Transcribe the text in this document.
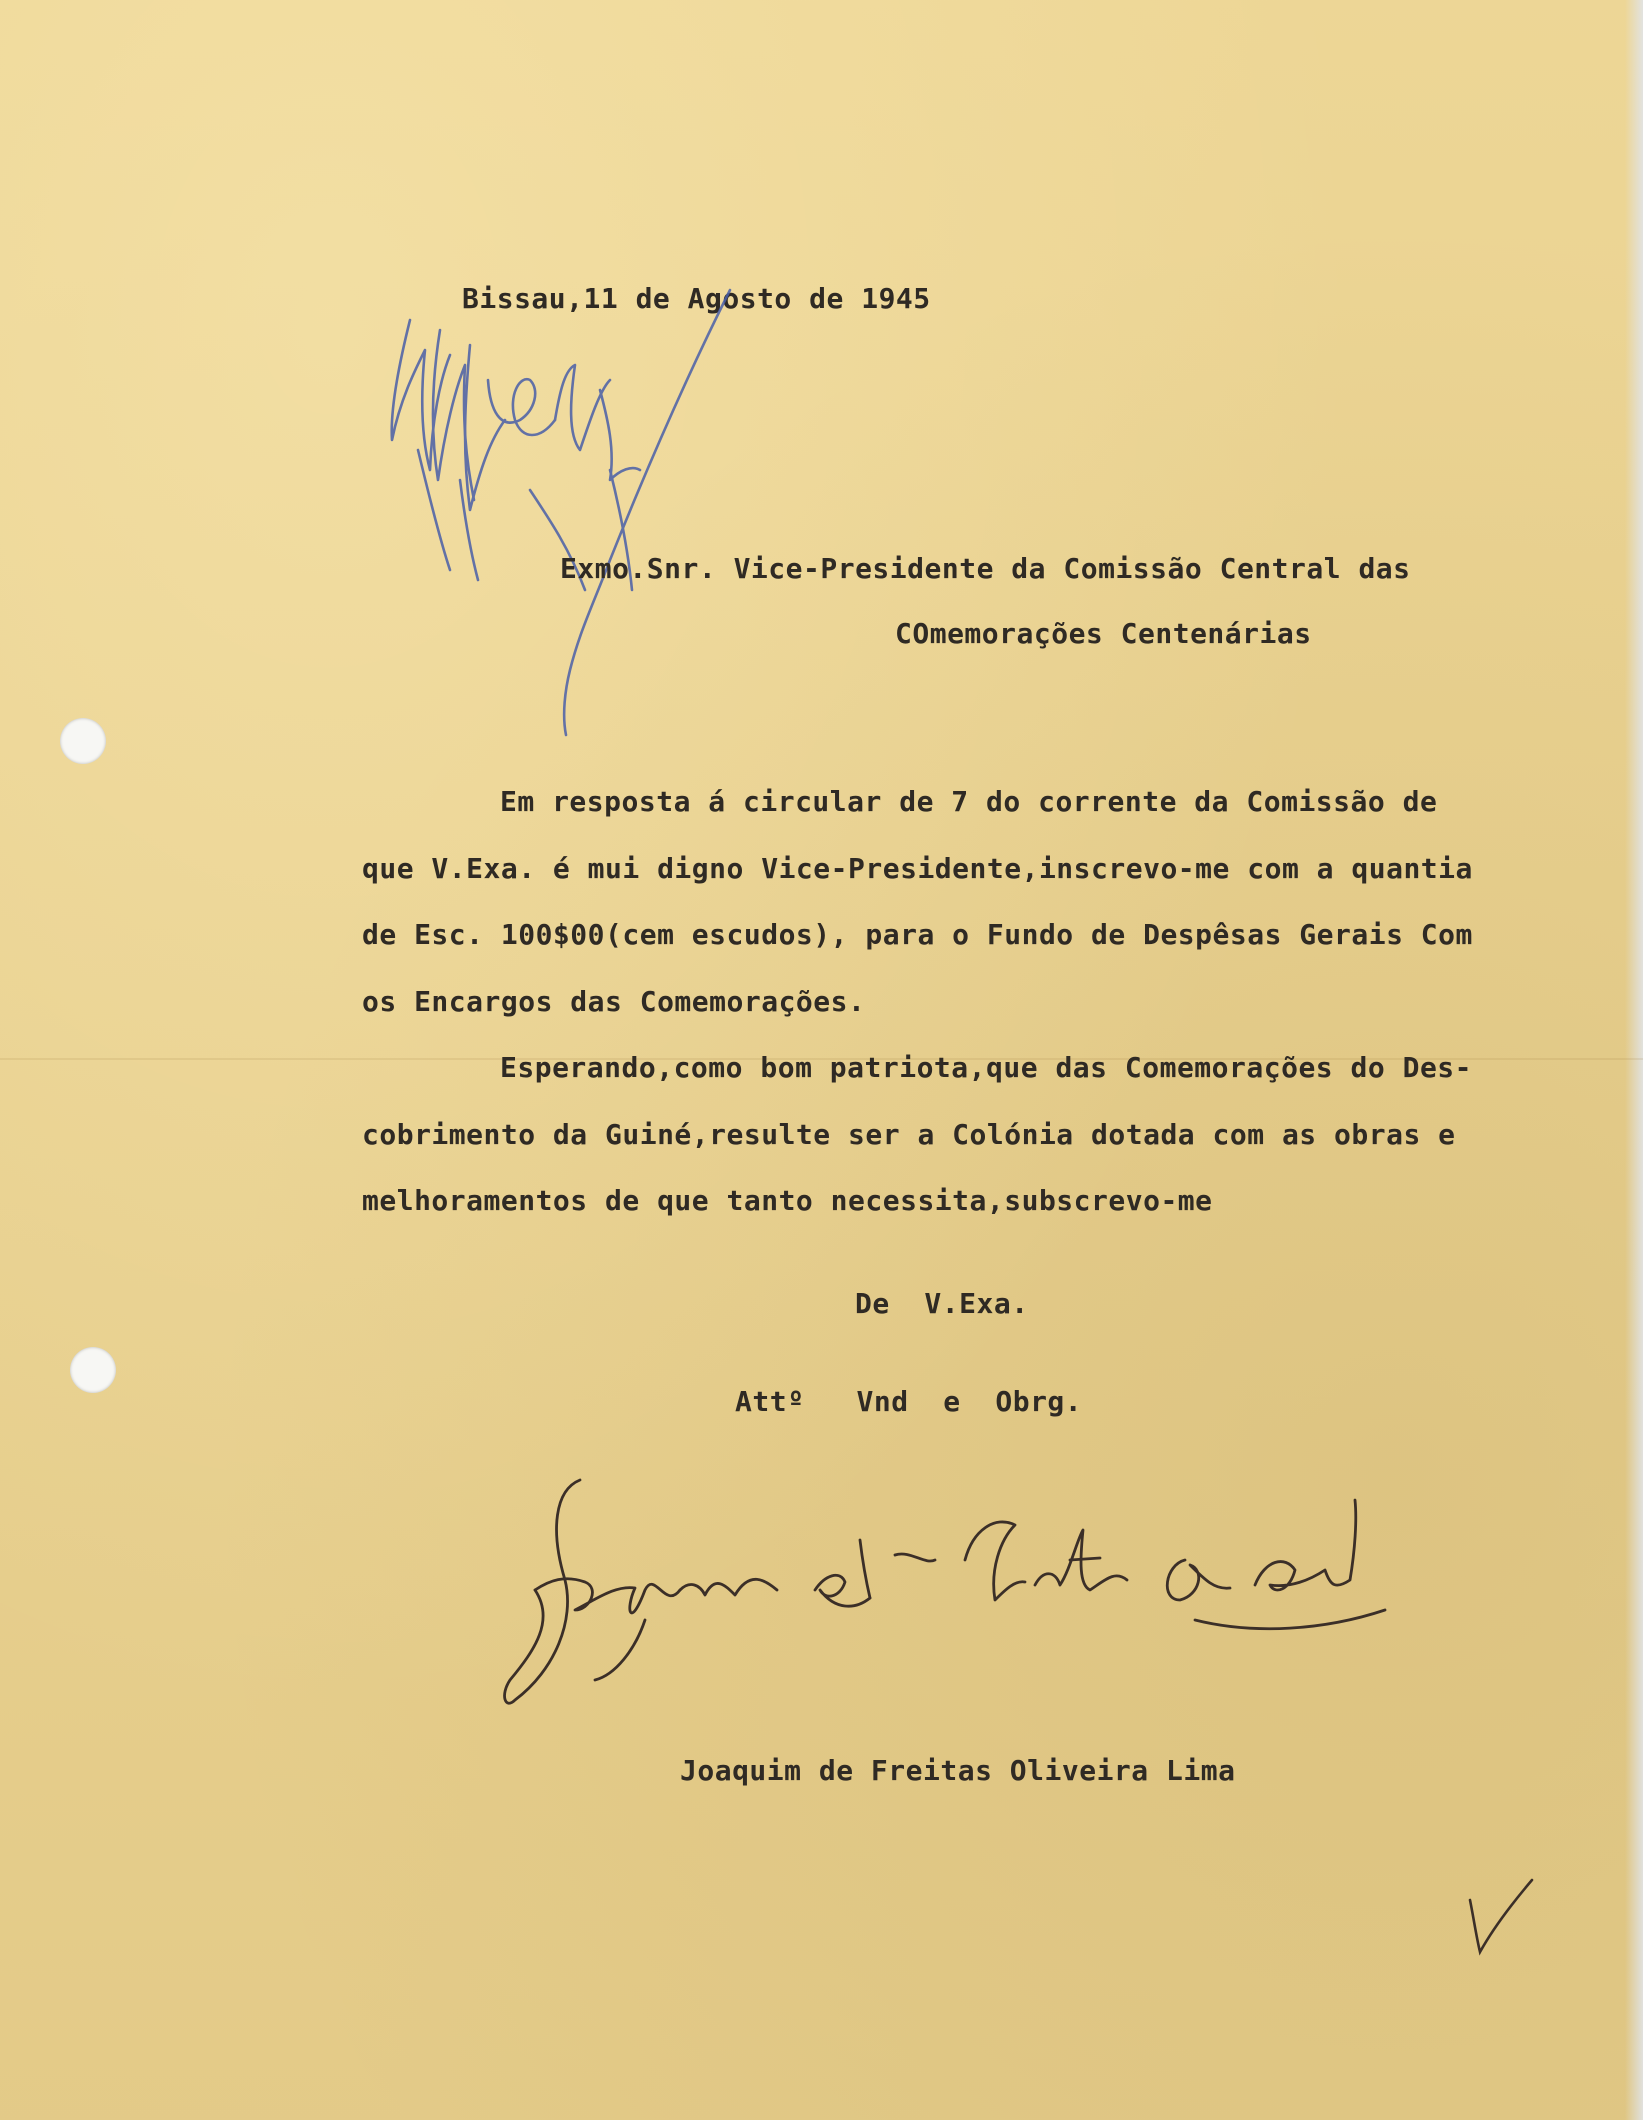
Bissau,11 de Agosto de 1945
Exmo.Snr. Vice-Presidente da Comissão Central das
COmemorações Centenárias
Em resposta á circular de 7 do corrente da Comissão de
que V.Exa. é mui digno Vice-Presidente,inscrevo-me com a quantia
de Esc. 100$00(cem escudos), para o Fundo de Despêsas Gerais Com
os Encargos das Comemorações.
Esperando,como bom patriota,que das Comemorações do Des-
cobrimento da Guiné,resulte ser a Colónia dotada com as obras e
melhoramentos de que tanto necessita,subscrevo-me
De  V.Exa.
Attº   Vnd  e  Obrg.
Joaquim de Freitas Oliveira Lima
